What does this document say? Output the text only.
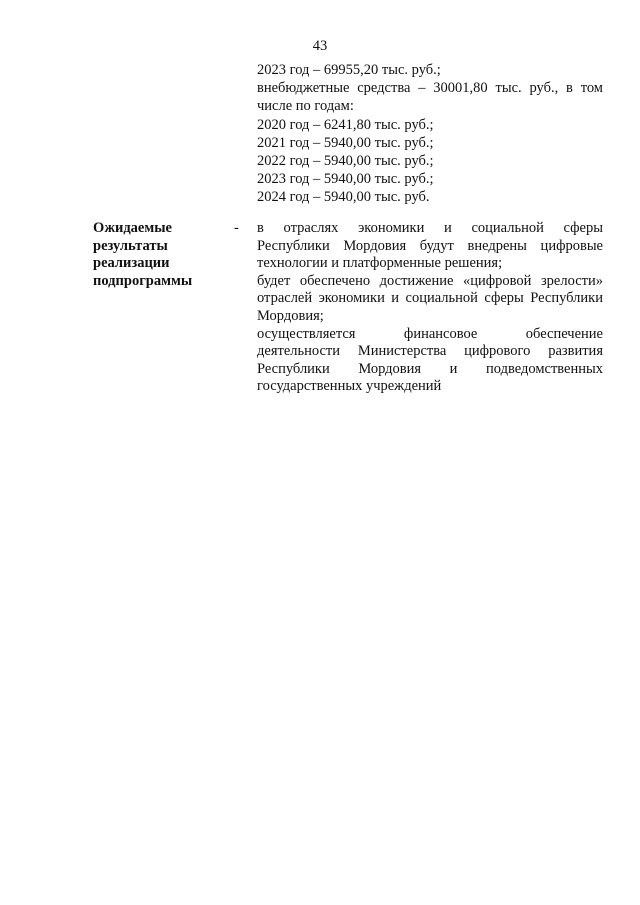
43
2023 год – 69955,20 тыс. руб.;
внебюджетные средства – 30001,80 тыс. руб., в том
числе по годам:
2020 год – 6241,80 тыс. руб.;
2021 год – 5940,00 тыс. руб.;
2022 год – 5940,00 тыс. руб.;
2023 год – 5940,00 тыс. руб.;
2024 год – 5940,00 тыс. руб.
Ожидаемые
результаты
реализации
подпрограммы
- в отраслях экономики и социальной сферы
Республики Мордовия будут внедрены цифровые
технологии и платформенные решения;
будет обеспечено достижение «цифровой зрелости»
отраслей экономики и социальной сферы Республики
Мордовия;
осуществляется финансовое обеспечение
деятельности Министерства цифрового развития
Республики Мордовия и подведомственных
государственных учреждений
